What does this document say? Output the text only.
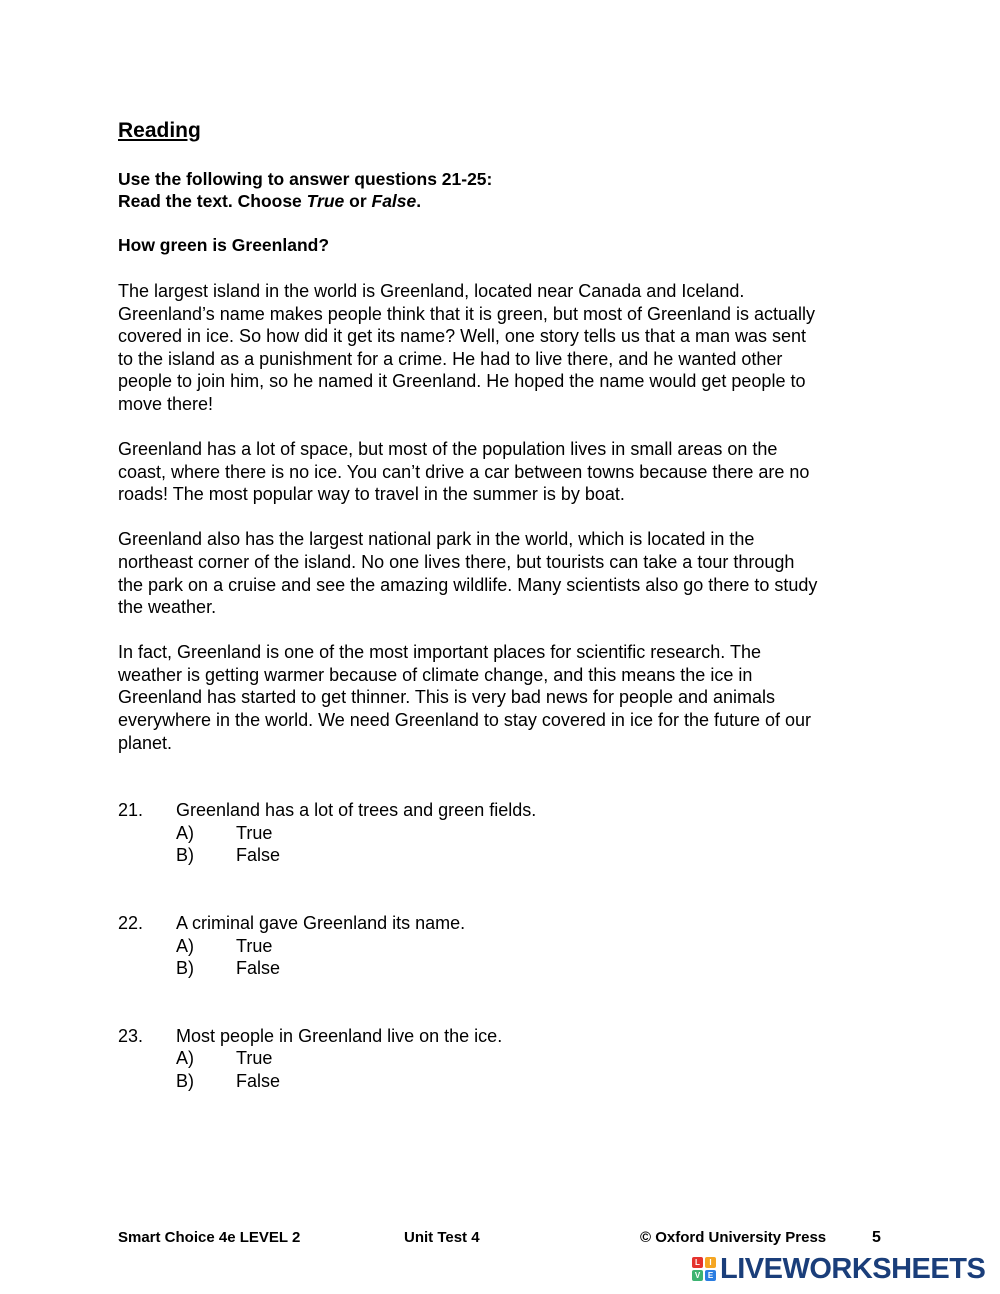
Reading
Use the following to answer questions 21-25:
Read the text. Choose True or False.
How green is Greenland?

The largest island in the world is Greenland, located near Canada and Iceland.
Greenland’s name makes people think that it is green, but most of Greenland is actually
covered in ice. So how did it get its name? Well, one story tells us that a man was sent
to the island as a punishment for a crime. He had to live there, and he wanted other
people to join him, so he named it Greenland. He hoped the name would get people to
move there!

Greenland has a lot of space, but most of the population lives in small areas on the
coast, where there is no ice. You can’t drive a car between towns because there are no
roads! The most popular way to travel in the summer is by boat.

Greenland also has the largest national park in the world, which is located in the
northeast corner of the island. No one lives there, but tourists can take a tour through
the park on a cruise and see the amazing wildlife. Many scientists also go there to study
the weather.

In fact, Greenland is one of the most important places for scientific research. The
weather is getting warmer because of climate change, and this means the ice in
Greenland has started to get thinner. This is very bad news for people and animals
everywhere in the world. We need Greenland to stay covered in ice for the future of our
planet.

21.	Greenland has a lot of trees and green fields.
A)	True
B)	False
22.	A criminal gave Greenland its name.
A)	True
B)	False
23.	Most people in Greenland live on the ice.
A)	True
B)	False
Smart Choice 4e LEVEL 2	Unit Test 4	© Oxford University Press	5
L	I
V E LIVEWORKSHEETS
